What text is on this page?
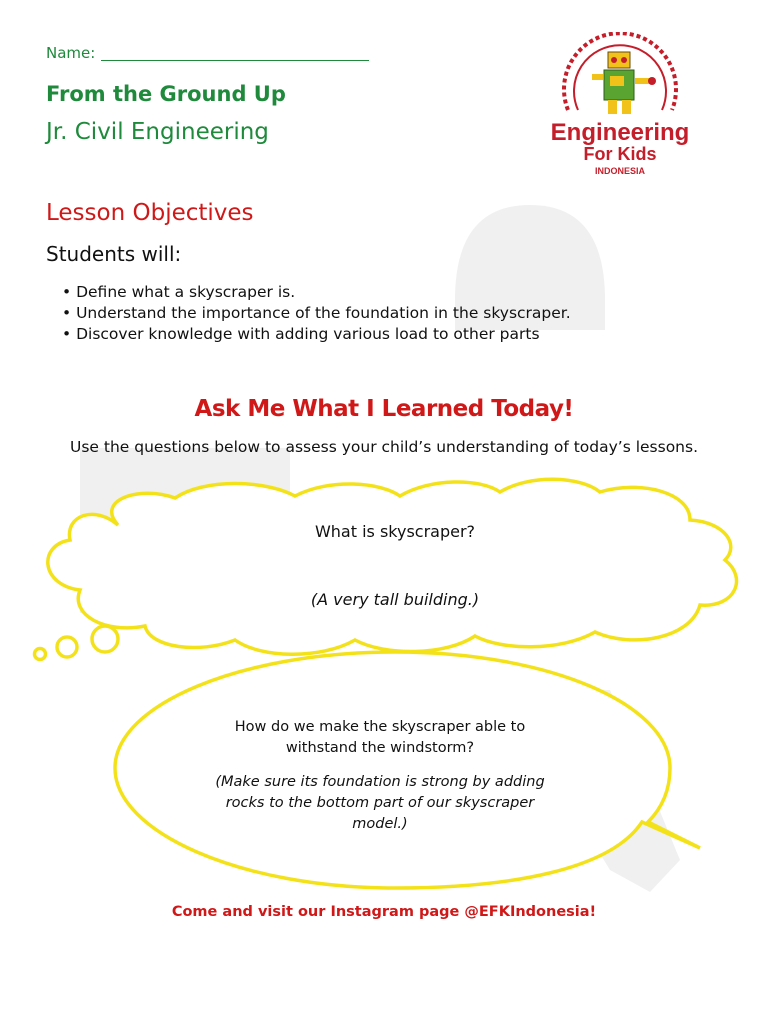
Name:
From the Ground Up
Jr. Civil Engineering	Engineering
For Kids
INDONESIA
Lesson Objectives
Students will:
• Define what a skyscraper is.
• Understand the importance of the foundation in the skyscraper.
• Discover knowledge with adding various load to other parts
Ask Me What I Learned Today!
Use the questions below to assess your child’s understanding of today’s lessons.
What is skyscraper?
(A very tall building.)
How do we make the skyscraper able to withstand the windstorm?
(Make sure its foundation is strong by adding rocks to the bottom part of our skyscraper model.)
Come and visit our Instagram page @EFKIndonesia!
